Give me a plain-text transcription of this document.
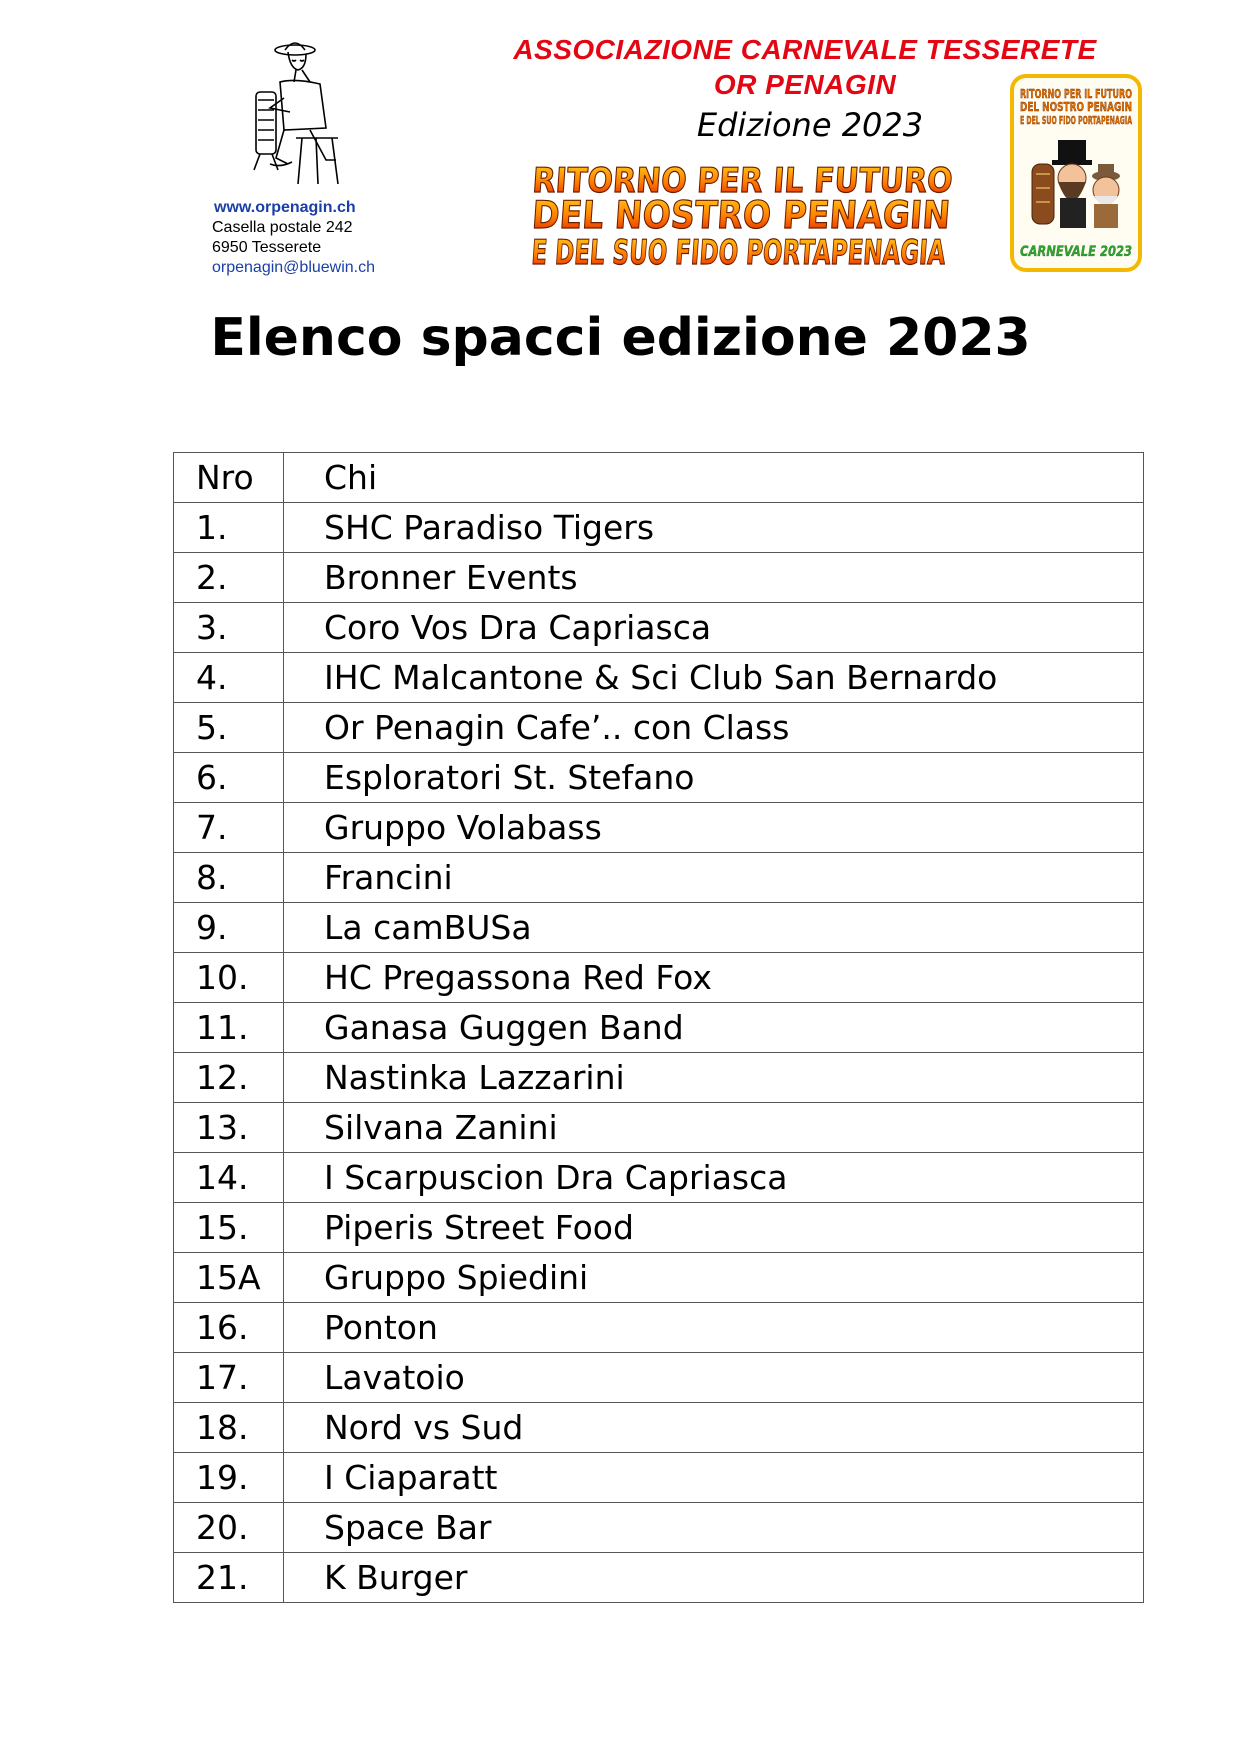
www.orpenagin.ch
Casella postale 242
6950 Tesserete
orpenagin@bluewin.ch
ASSOCIAZIONE CARNEVALE TESSERETE
OR PENAGIN
Edizione 2023
RITORNO PER IL FUTURO
DEL NOSTRO PENAGIN
E DEL SUO FIDO PORTAPENAGIA
RITORNO PER IL FUTURO
DEL NOSTRO PENAGIN
E DEL SUO FIDO PORTAPENAGIA
CARNEVALE 2023
Elenco spacci edizione 2023
Nro	Chi
1.	SHC Paradiso Tigers
2.	Bronner Events
3.	Coro Vos Dra Capriasca
4.	IHC Malcantone & Sci Club San Bernardo
5.	Or Penagin Cafe’.. con Class
6.	Esploratori St. Stefano
7.	Gruppo Volabass
8.	Francini
9.	La camBUSa
10.	HC Pregassona Red Fox
11.	Ganasa Guggen Band
12.	Nastinka Lazzarini
13.	Silvana Zanini
14.	I Scarpuscion Dra Capriasca
15.	Piperis Street Food
15A	Gruppo Spiedini
16.	Ponton
17.	Lavatoio
18.	Nord vs Sud
19.	I Ciaparatt
20.	Space Bar
21.	K Burger
